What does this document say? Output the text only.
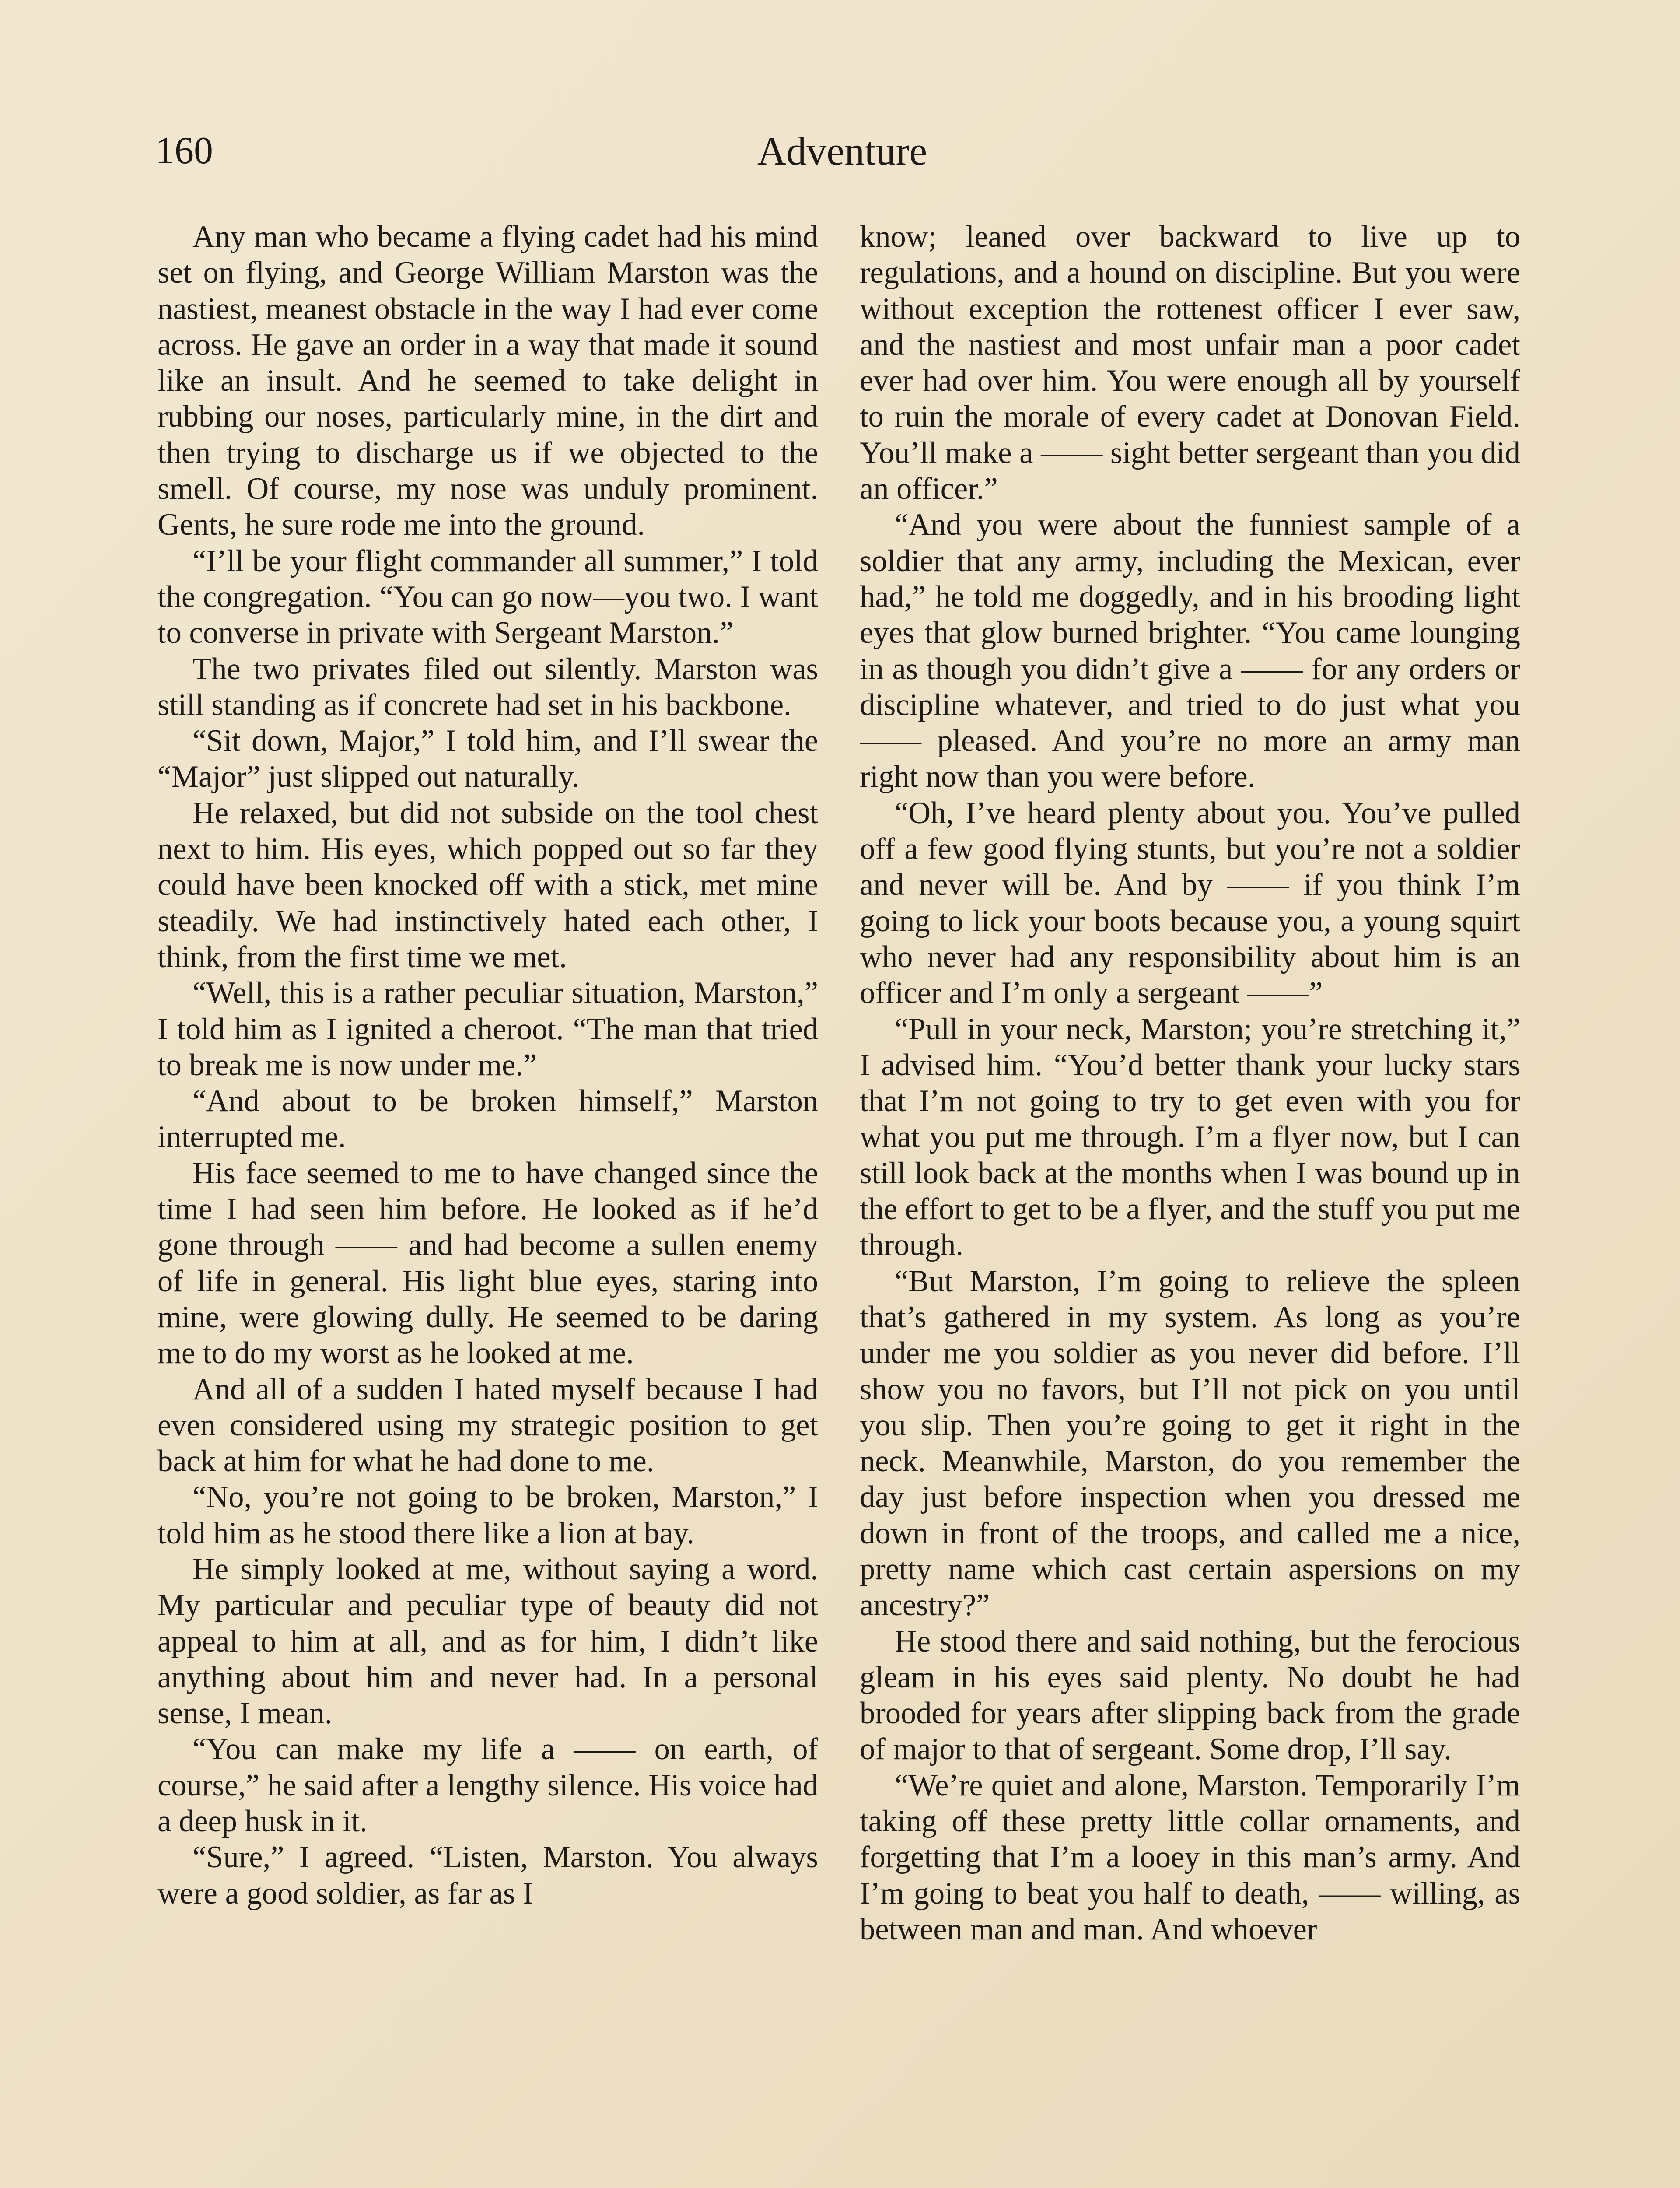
160	Adventure

Any man who became a flying cadet had his mind set on flying, and George William Marston was the nastiest, meanest obstacle in the way I had ever come across. He gave an order in a way that made it sound like an insult. And he seemed to take delight in rubbing our noses, particularly mine, in the dirt and then trying to discharge us if we objected to the smell. Of course, my nose was unduly prominent. Gents, he sure rode me into the ground.

“I’ll be your flight commander all summer,” I told the congregation. “You can go now—you two. I want to converse in private with Sergeant Marston.”

The two privates filed out silently. Marston was still standing as if concrete had set in his backbone.

“Sit down, Major,” I told him, and I’ll swear the “Major” just slipped out naturally.

He relaxed, but did not subside on the tool chest next to him. His eyes, which popped out so far they could have been knocked off with a stick, met mine steadily. We had instinctively hated each other, I think, from the first time we met.

“Well, this is a rather peculiar situation, Marston,” I told him as I ignited a cheroot. “The man that tried to break me is now under me.”

“And about to be broken himself,” Marston interrupted me.

His face seemed to me to have changed since the time I had seen him before. He looked as if he’d gone through —— and had become a sullen enemy of life in general. His light blue eyes, staring into mine, were glowing dully. He seemed to be daring me to do my worst as he looked at me.

And all of a sudden I hated myself because I had even considered using my strategic position to get back at him for what he had done to me.

“No, you’re not going to be broken, Marston,” I told him as he stood there like a lion at bay.

He simply looked at me, without saying a word. My particular and peculiar type of beauty did not appeal to him at all, and as for him, I didn’t like anything about him and never had. In a personal sense, I mean.

“You can make my life a —— on earth, of course,” he said after a lengthy silence. His voice had a deep husk in it.

“Sure,” I agreed. “Listen, Marston. You always were a good soldier, as far as I

know; leaned over backward to live up to regulations, and a hound on discipline. But you were without exception the rottenest officer I ever saw, and the nastiest and most unfair man a poor cadet ever had over him. You were enough all by yourself to ruin the morale of every cadet at Donovan Field. You’ll make a —— sight better sergeant than you did an officer.”

“And you were about the funniest sample of a soldier that any army, including the Mexican, ever had,” he told me doggedly, and in his brooding light eyes that glow burned brighter. “You came lounging in as though you didn’t give a —— for any orders or discipline whatever, and tried to do just what you —— pleased. And you’re no more an army man right now than you were before.

“Oh, I’ve heard plenty about you. You’ve pulled off a few good flying stunts, but you’re not a soldier and never will be. And by —— if you think I’m going to lick your boots because you, a young squirt who never had any responsibility about him is an officer and I’m only a sergeant ——”

“Pull in your neck, Marston; you’re stretching it,” I advised him. “You’d better thank your lucky stars that I’m not going to try to get even with you for what you put me through. I’m a flyer now, but I can still look back at the months when I was bound up in the effort to get to be a flyer, and the stuff you put me through.

“But Marston, I’m going to relieve the spleen that’s gathered in my system. As long as you’re under me you soldier as you never did before. I’ll show you no favors, but I’ll not pick on you until you slip. Then you’re going to get it right in the neck. Meanwhile, Marston, do you remember the day just before inspection when you dressed me down in front of the troops, and called me a nice, pretty name which cast certain aspersions on my ancestry?”

He stood there and said nothing, but the ferocious gleam in his eyes said plenty. No doubt he had brooded for years after slipping back from the grade of major to that of sergeant. Some drop, I’ll say.

“We’re quiet and alone, Marston. Temporarily I’m taking off these pretty little collar ornaments, and forgetting that I’m a looey in this man’s army. And I’m going to beat you half to death, —— willing, as between man and man. And whoever
